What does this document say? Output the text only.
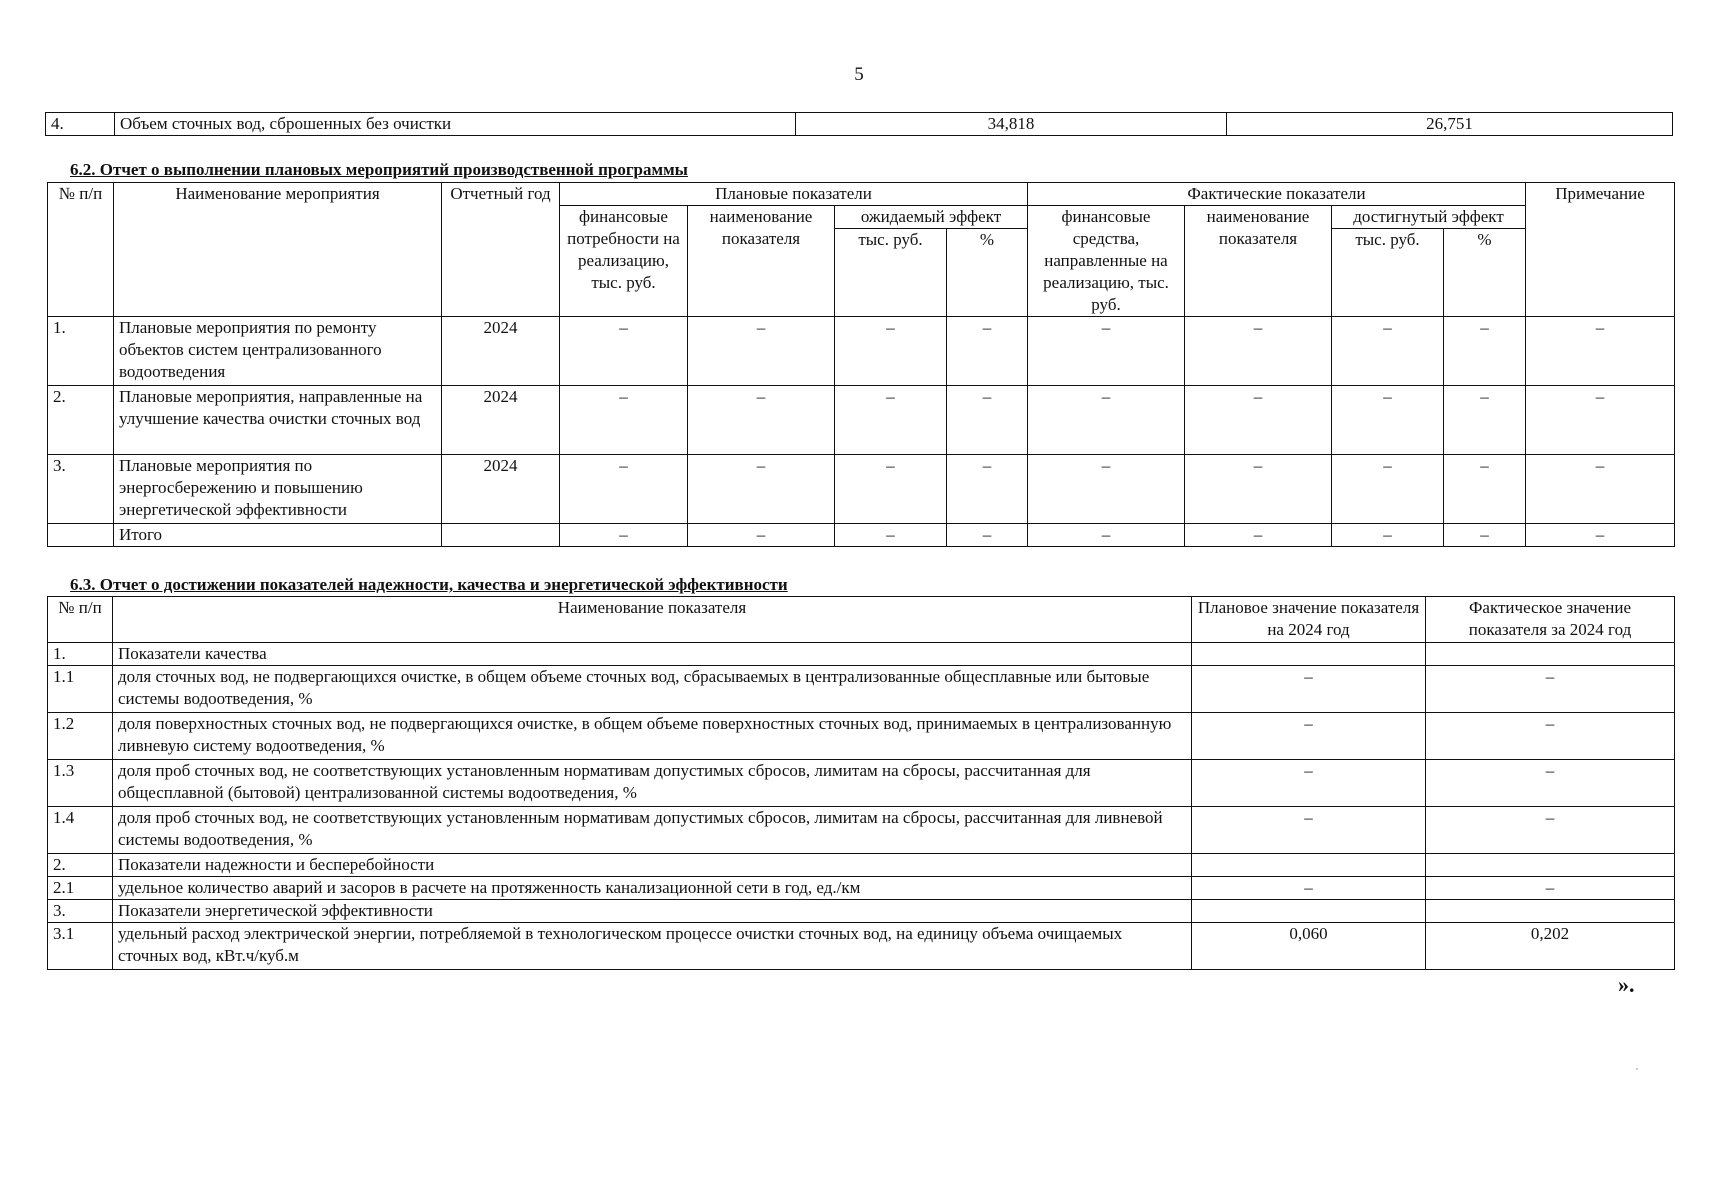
5
4.	Объем сточных вод, сброшенных без очистки	34,818	26,751
6.2. Отчет о выполнении плановых мероприятий производственной программы
№ п/п	Наименование мероприятия	Отчетный год	Плановые показатели				Фактические показатели				Примечание
			финансовые потребности на реализацию, тыс. руб.	наименование показателя	ожидаемый эффект		финансовые средства, направленные на реализацию, тыс. руб.	наименование показателя	достигнутый эффект		
					тыс. руб.	%			тыс. руб.	%	
1.	Плановые мероприятия по ремонту объектов систем централизованного водоотведения	2024	–	–	–	–	–	–	–	–	–
2.	Плановые мероприятия, направленные на улучшение качества очистки сточных вод	2024	–	–	–	–	–	–	–	–	–
3.	Плановые мероприятия по энергосбережению и повышению энергетической эффективности	2024	–	–	–	–	–	–	–	–	–
	Итого		–	–	–	–	–	–	–	–	–
6.3. Отчет о достижении показателей надежности, качества и энергетической эффективности
№ п/п	Наименование показателя	Плановое значение показателя на 2024 год	Фактическое значение показателя за 2024 год
1.	Показатели качества		
1.1	доля сточных вод, не подвергающихся очистке, в общем объеме сточных вод, сбрасываемых в централизованные общесплавные или бытовые системы водоотведения, %	–	–
1.2	доля поверхностных сточных вод, не подвергающихся очистке, в общем объеме поверхностных сточных вод, принимаемых в централизованную ливневую систему водоотведения, %	–	–
1.3	доля проб сточных вод, не соответствующих установленным нормативам допустимых сбросов, лимитам на сбросы, рассчитанная для общесплавной (бытовой) централизованной системы водоотведения, %	–	–
1.4	доля проб сточных вод, не соответствующих установленным нормативам допустимых сбросов, лимитам на сбросы, рассчитанная для ливневой системы водоотведения, %	–	–
2.	Показатели надежности и бесперебойности		
2.1	удельное количество аварий и засоров в расчете на протяженность канализационной сети в год, ед./км	–	–
3.	Показатели энергетической эффективности		
3.1	удельный расход электрической энергии, потребляемой в технологическом процессе очистки сточных вод, на единицу объема очищаемых сточных вод, кВт.ч/куб.м	0,060	0,202
».
